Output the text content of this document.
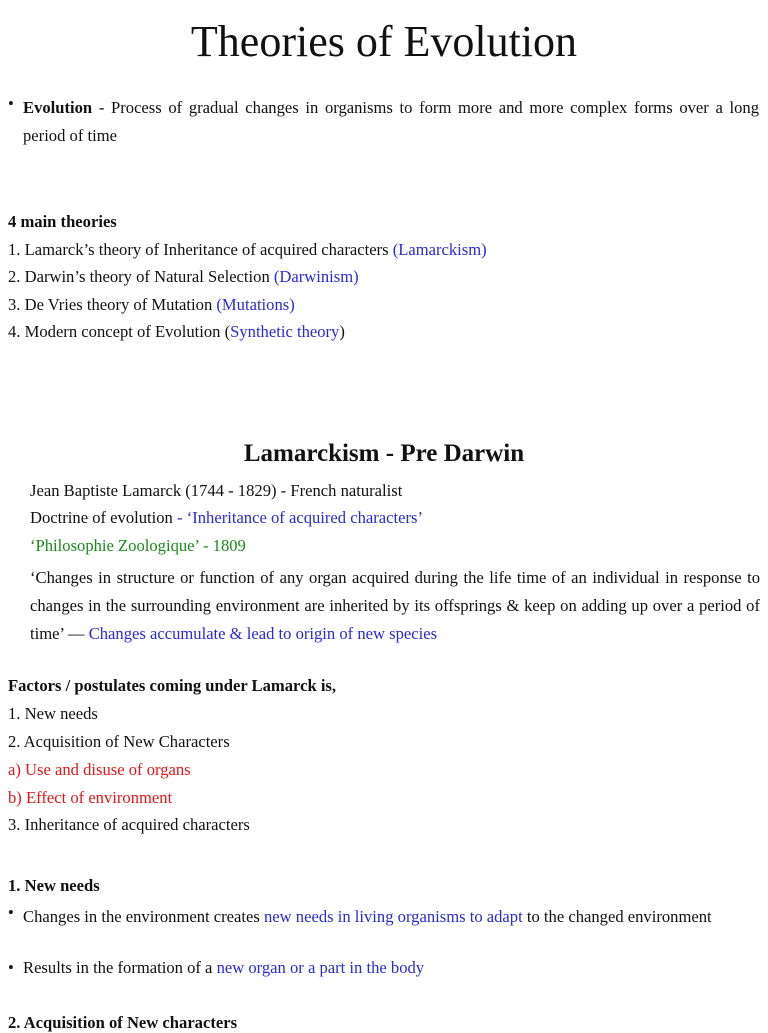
Theories of Evolution
• Evolution - Process of gradual changes in organisms to form more and more complex forms over a long period of time
4 main theories
1. Lamarck’s theory of Inheritance of acquired characters (Lamarckism)
2. Darwin’s theory of Natural Selection (Darwinism)
3. De Vries theory of Mutation (Mutations)
4. Modern concept of Evolution (Synthetic theory)
Lamarckism - Pre Darwin
Jean Baptiste Lamarck (1744 - 1829) - French naturalist
Doctrine of evolution - ‘Inheritance of acquired characters’
‘Philosophie Zoologique’ - 1809
‘Changes in structure or function of any organ acquired during the life time of an individual in response to changes in the surrounding environment are inherited by its offsprings & keep on adding up over a period of time’ — Changes accumulate & lead to origin of new species
Factors / postulates coming under Lamarck is,
1. New needs
2. Acquisition of New Characters
a) Use and disuse of organs
b) Effect of environment
3. Inheritance of acquired characters
1. New needs
• Changes in the environment creates new needs in living organisms to adapt to the changed environment
• Results in the formation of a new organ or a part in the body
2. Acquisition of New characters
